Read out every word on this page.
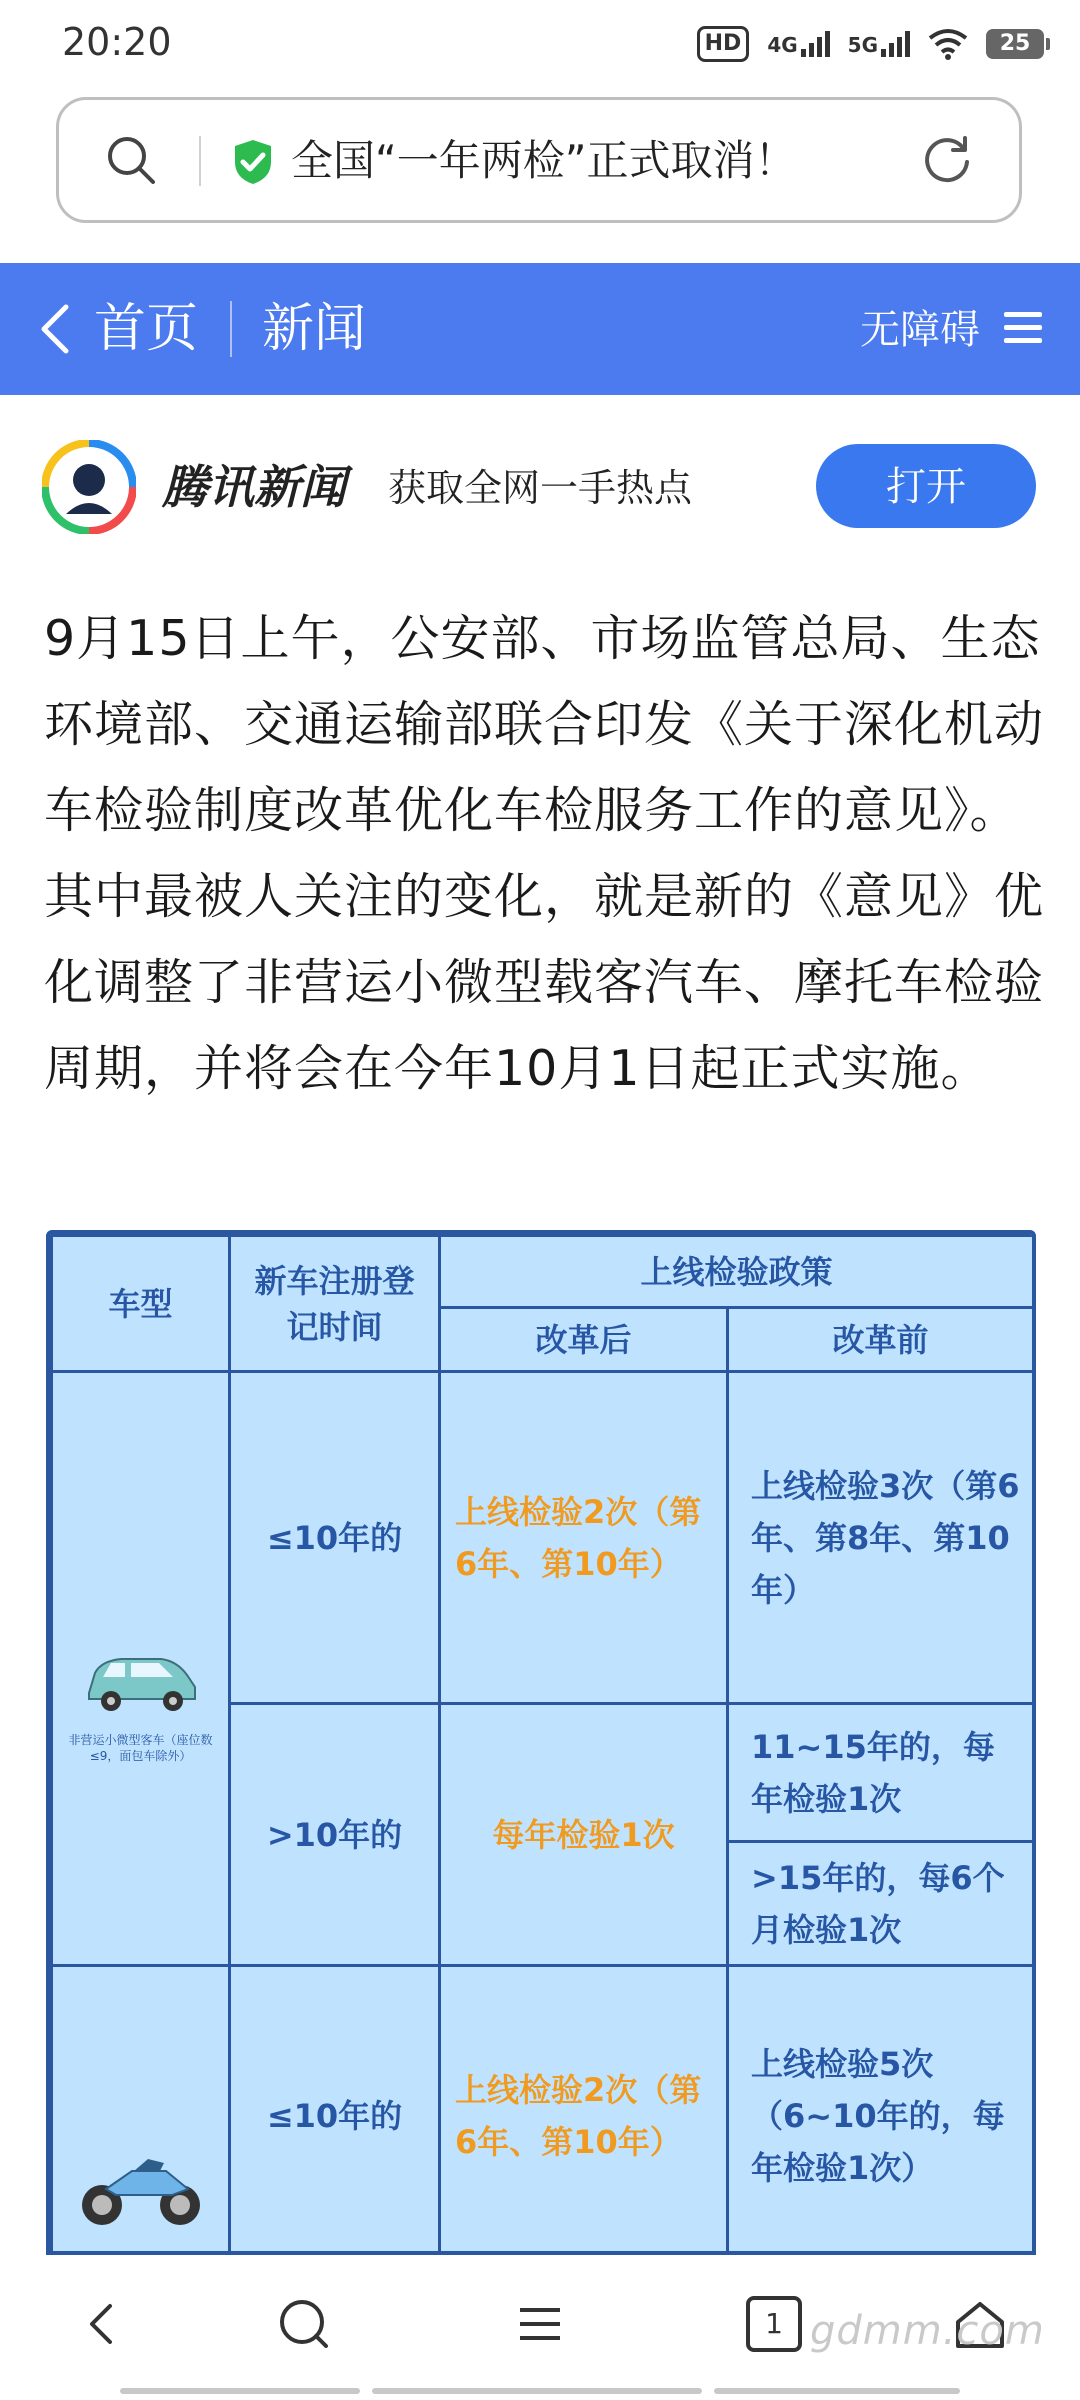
20:20	HD	4G	5G	25
全国“一年两检”正式取消！
首页 新闻	无障碍
腾讯新闻 获取全网一手热点	打开
9月15日上午，公安部、市场监管总局、生态环境部、交通运输部联合印发《关于深化机动车检验制度改革优化车检服务工作的意见》。其中最被人关注的变化，就是新的《意见》优化调整了非营运小微型载客汽车、摩托车检验周期，并将会在今年10月1日起正式实施。
车型	新车注册登记时间	上线检验政策	
		改革后	改革前

非营运小微型客车（座位数≤9，面包车除外）	≤10年的	上线检验2次（第6年、第10年）	上线检验3次（第6年、第8年、第10年）
	>10年的	每年检验1次	11~15年的，每年检验1次
			>15年的，每6个月检验1次
	≤10年的	上线检验2次（第6年、第10年）	上线检验5次（6~10年的，每年检验1次）
1 gdmm.com
